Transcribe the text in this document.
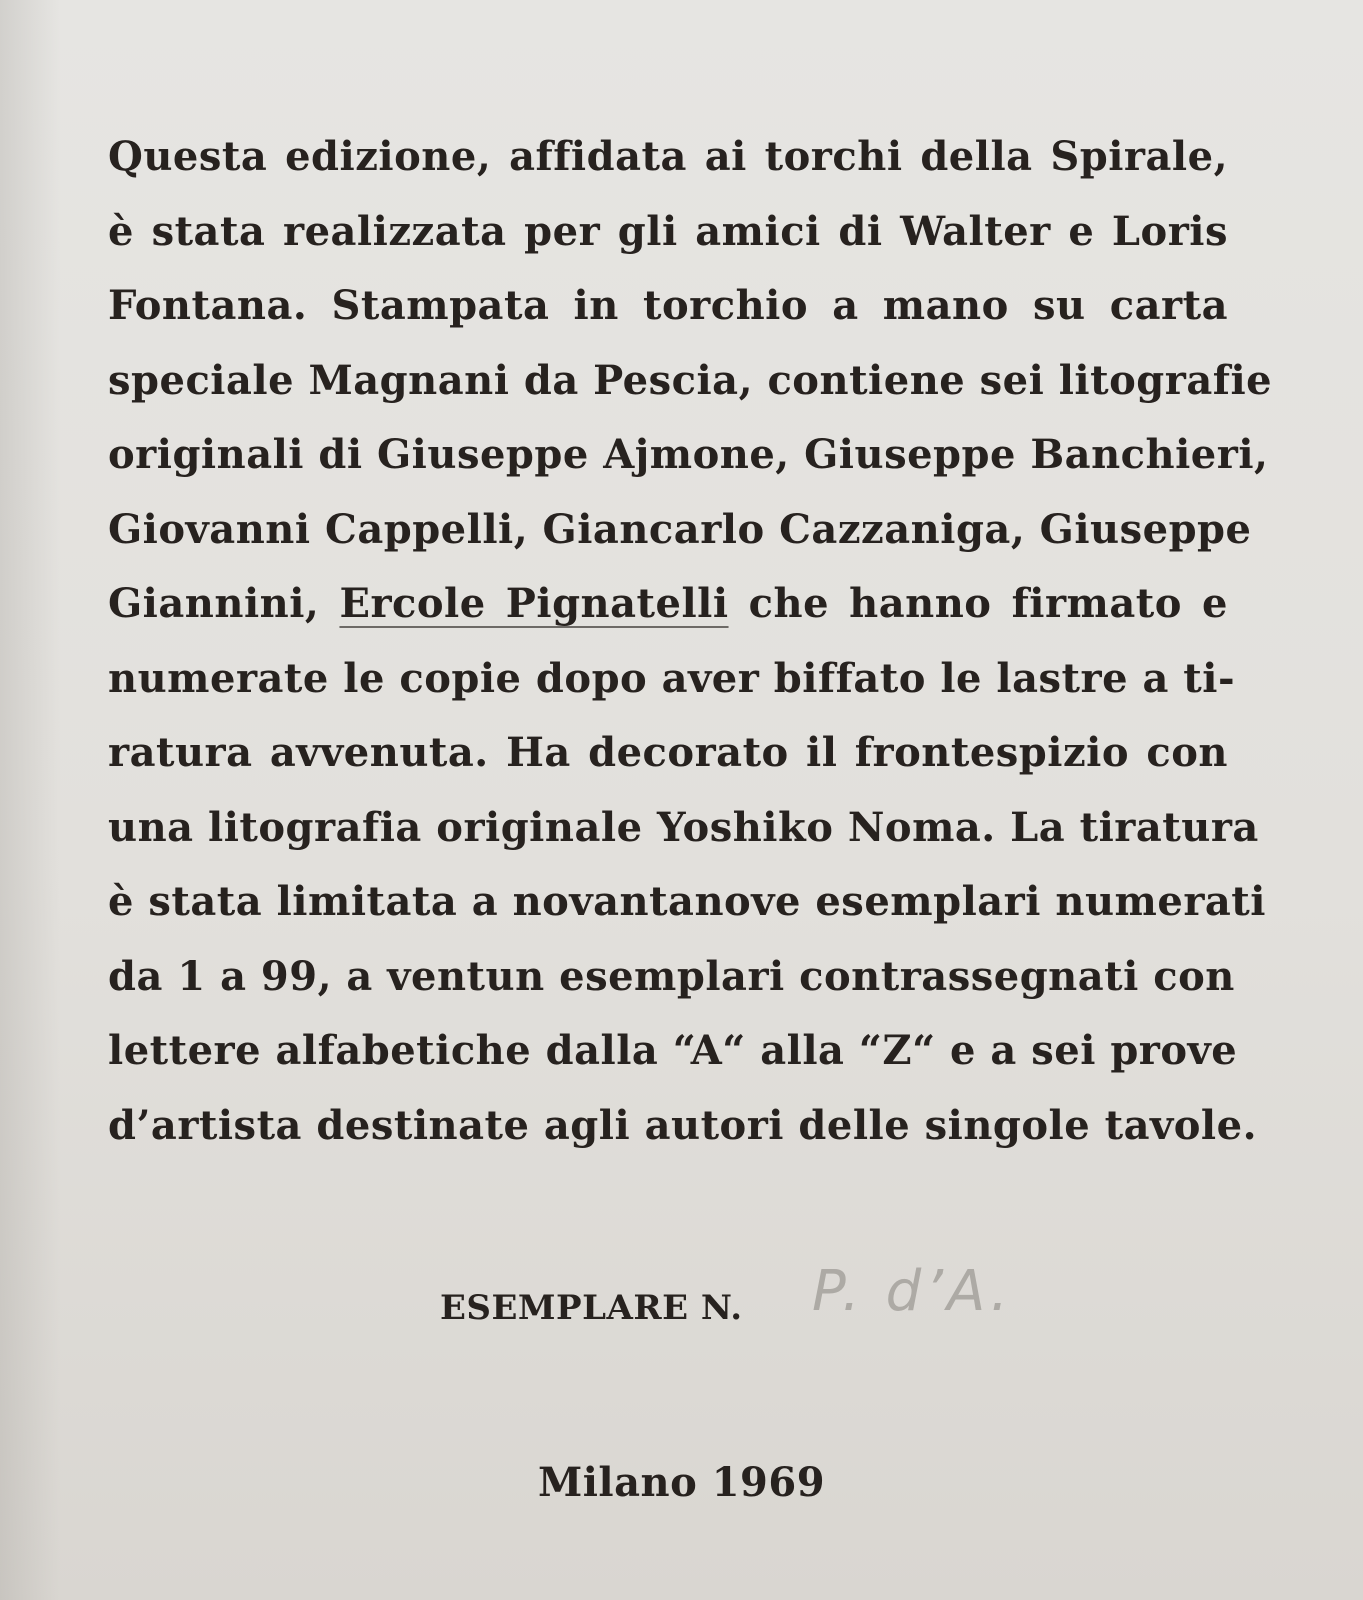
Questa edizione, affidata ai torchi della Spirale,
è stata realizzata per gli amici di Walter e Loris
Fontana. Stampata in torchio a mano su carta
speciale Magnani da Pescia, contiene sei litografie
originali di Giuseppe Ajmone, Giuseppe Banchieri,
Giovanni Cappelli, Giancarlo Cazzaniga, Giuseppe
Giannini, Ercole Pignatelli che hanno firmato e
numerate le copie dopo aver biffato le lastre a ti-
ratura avvenuta. Ha decorato il frontespizio con
una litografia originale Yoshiko Noma. La tiratura
è stata limitata a novantanove esemplari numerati
da 1 a 99, a ventun esemplari contrassegnati con
lettere alfabetiche dalla “A“ alla “Z“ e a sei prove
d’artista destinate agli autori delle singole tavole.
ESEMPLARE N. P. d’A.
Milano 1969
